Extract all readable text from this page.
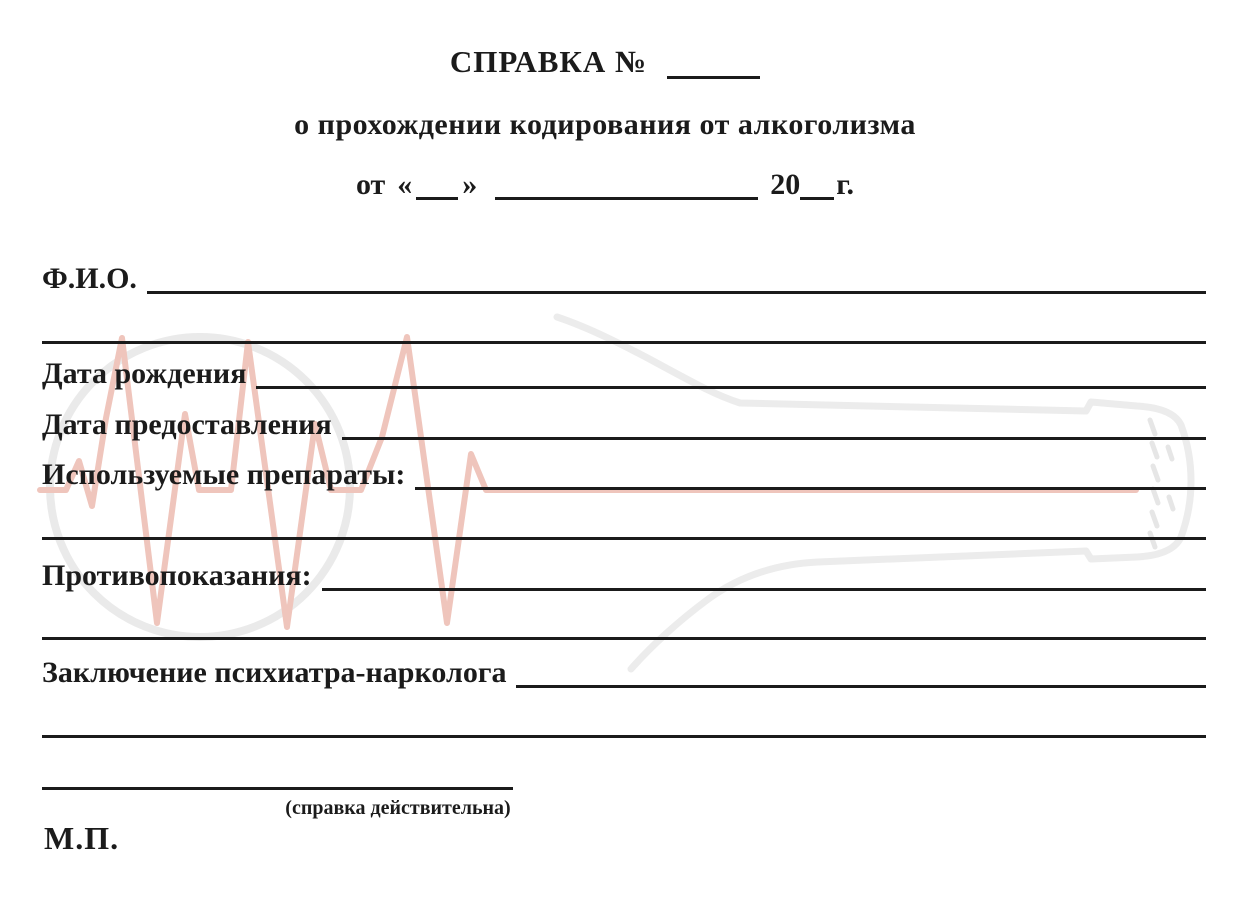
СПРАВКА №
о прохождении кодирования от алкоголизма
от « »	20 г.
Ф.И.О.
Дата рождения
Дата предоставления
Используемые препараты:
Противопоказания:
Заключение психиатра-нарколога
(справка действительна)
М.П.
